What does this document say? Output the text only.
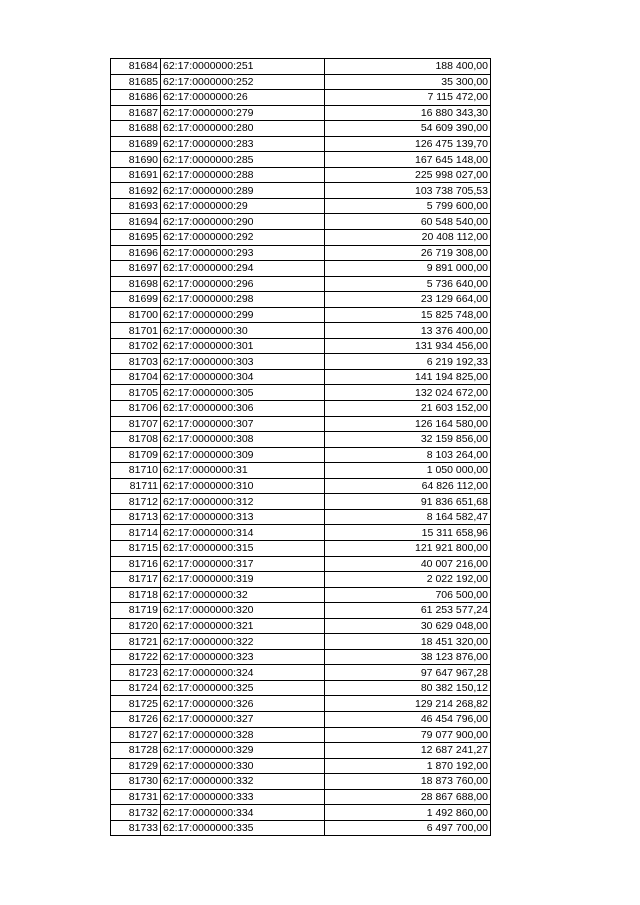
81684	62:17:0000000:251	188 400,00
81685	62:17:0000000:252	35 300,00
81686	62:17:0000000:26	7 115 472,00
81687	62:17:0000000:279	16 880 343,30
81688	62:17:0000000:280	54 609 390,00
81689	62:17:0000000:283	126 475 139,70
81690	62:17:0000000:285	167 645 148,00
81691	62:17:0000000:288	225 998 027,00
81692	62:17:0000000:289	103 738 705,53
81693	62:17:0000000:29	5 799 600,00
81694	62:17:0000000:290	60 548 540,00
81695	62:17:0000000:292	20 408 112,00
81696	62:17:0000000:293	26 719 308,00
81697	62:17:0000000:294	9 891 000,00
81698	62:17:0000000:296	5 736 640,00
81699	62:17:0000000:298	23 129 664,00
81700	62:17:0000000:299	15 825 748,00
81701	62:17:0000000:30	13 376 400,00
81702	62:17:0000000:301	131 934 456,00
81703	62:17:0000000:303	6 219 192,33
81704	62:17:0000000:304	141 194 825,00
81705	62:17:0000000:305	132 024 672,00
81706	62:17:0000000:306	21 603 152,00
81707	62:17:0000000:307	126 164 580,00
81708	62:17:0000000:308	32 159 856,00
81709	62:17:0000000:309	8 103 264,00
81710	62:17:0000000:31	1 050 000,00
81711	62:17:0000000:310	64 826 112,00
81712	62:17:0000000:312	91 836 651,68
81713	62:17:0000000:313	8 164 582,47
81714	62:17:0000000:314	15 311 658,96
81715	62:17:0000000:315	121 921 800,00
81716	62:17:0000000:317	40 007 216,00
81717	62:17:0000000:319	2 022 192,00
81718	62:17:0000000:32	706 500,00
81719	62:17:0000000:320	61 253 577,24
81720	62:17:0000000:321	30 629 048,00
81721	62:17:0000000:322	18 451 320,00
81722	62:17:0000000:323	38 123 876,00
81723	62:17:0000000:324	97 647 967,28
81724	62:17:0000000:325	80 382 150,12
81725	62:17:0000000:326	129 214 268,82
81726	62:17:0000000:327	46 454 796,00
81727	62:17:0000000:328	79 077 900,00
81728	62:17:0000000:329	12 687 241,27
81729	62:17:0000000:330	1 870 192,00
81730	62:17:0000000:332	18 873 760,00
81731	62:17:0000000:333	28 867 688,00
81732	62:17:0000000:334	1 492 860,00
81733	62:17:0000000:335	6 497 700,00
